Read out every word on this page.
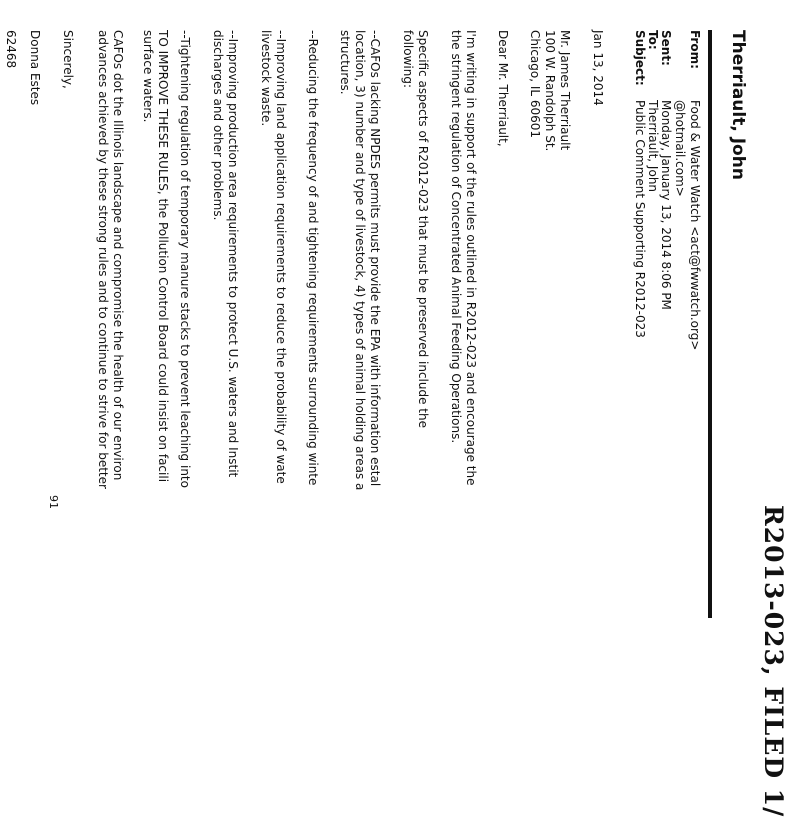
R2013-023, FILED 1/
Therriault, John
From:
Food & Water Watch <act@fwwatch.org>
@hotmail.com>
Sent:
Monday, January 13, 2014 8:06 PM
To:
Therriault, John
Subject:
Public Comment Supporting R2012-023
Jan 13, 2014
Mr. James Therriault
100 W. Randolph St.
Chicago, IL 60601
Dear Mr. Therriault,
I'm writing in support of the rules outlined in R2012-023 and encourage the
the stringent regulation of Concentrated Animal Feeding Operations.
Specific aspects of R2012-023 that must be preserved include the
following:
--CAFOs lacking NPDES permits must provide the EPA with information estal
location, 3) number and type of livestock, 4) types of animal holding areas a
structures.
--Reducing the frequency of and tightening requirements surrounding winte
--Improving land application requirements to reduce the probability of wate
livestock waste.
--Improving production area requirements to protect U.S. waters and Instit
discharges and other problems.
--Tightening regulation of temporary manure stacks to prevent leaching into
TO IMPROVE THESE RULES, the Pollution Control Board could insist on facili
surface waters.
CAFOs dot the Illinois landscape and compromise the health of our environ
advances achieved by these strong rules and to continue to strive for better
Sincerely,
Donna Estes
62468
91
